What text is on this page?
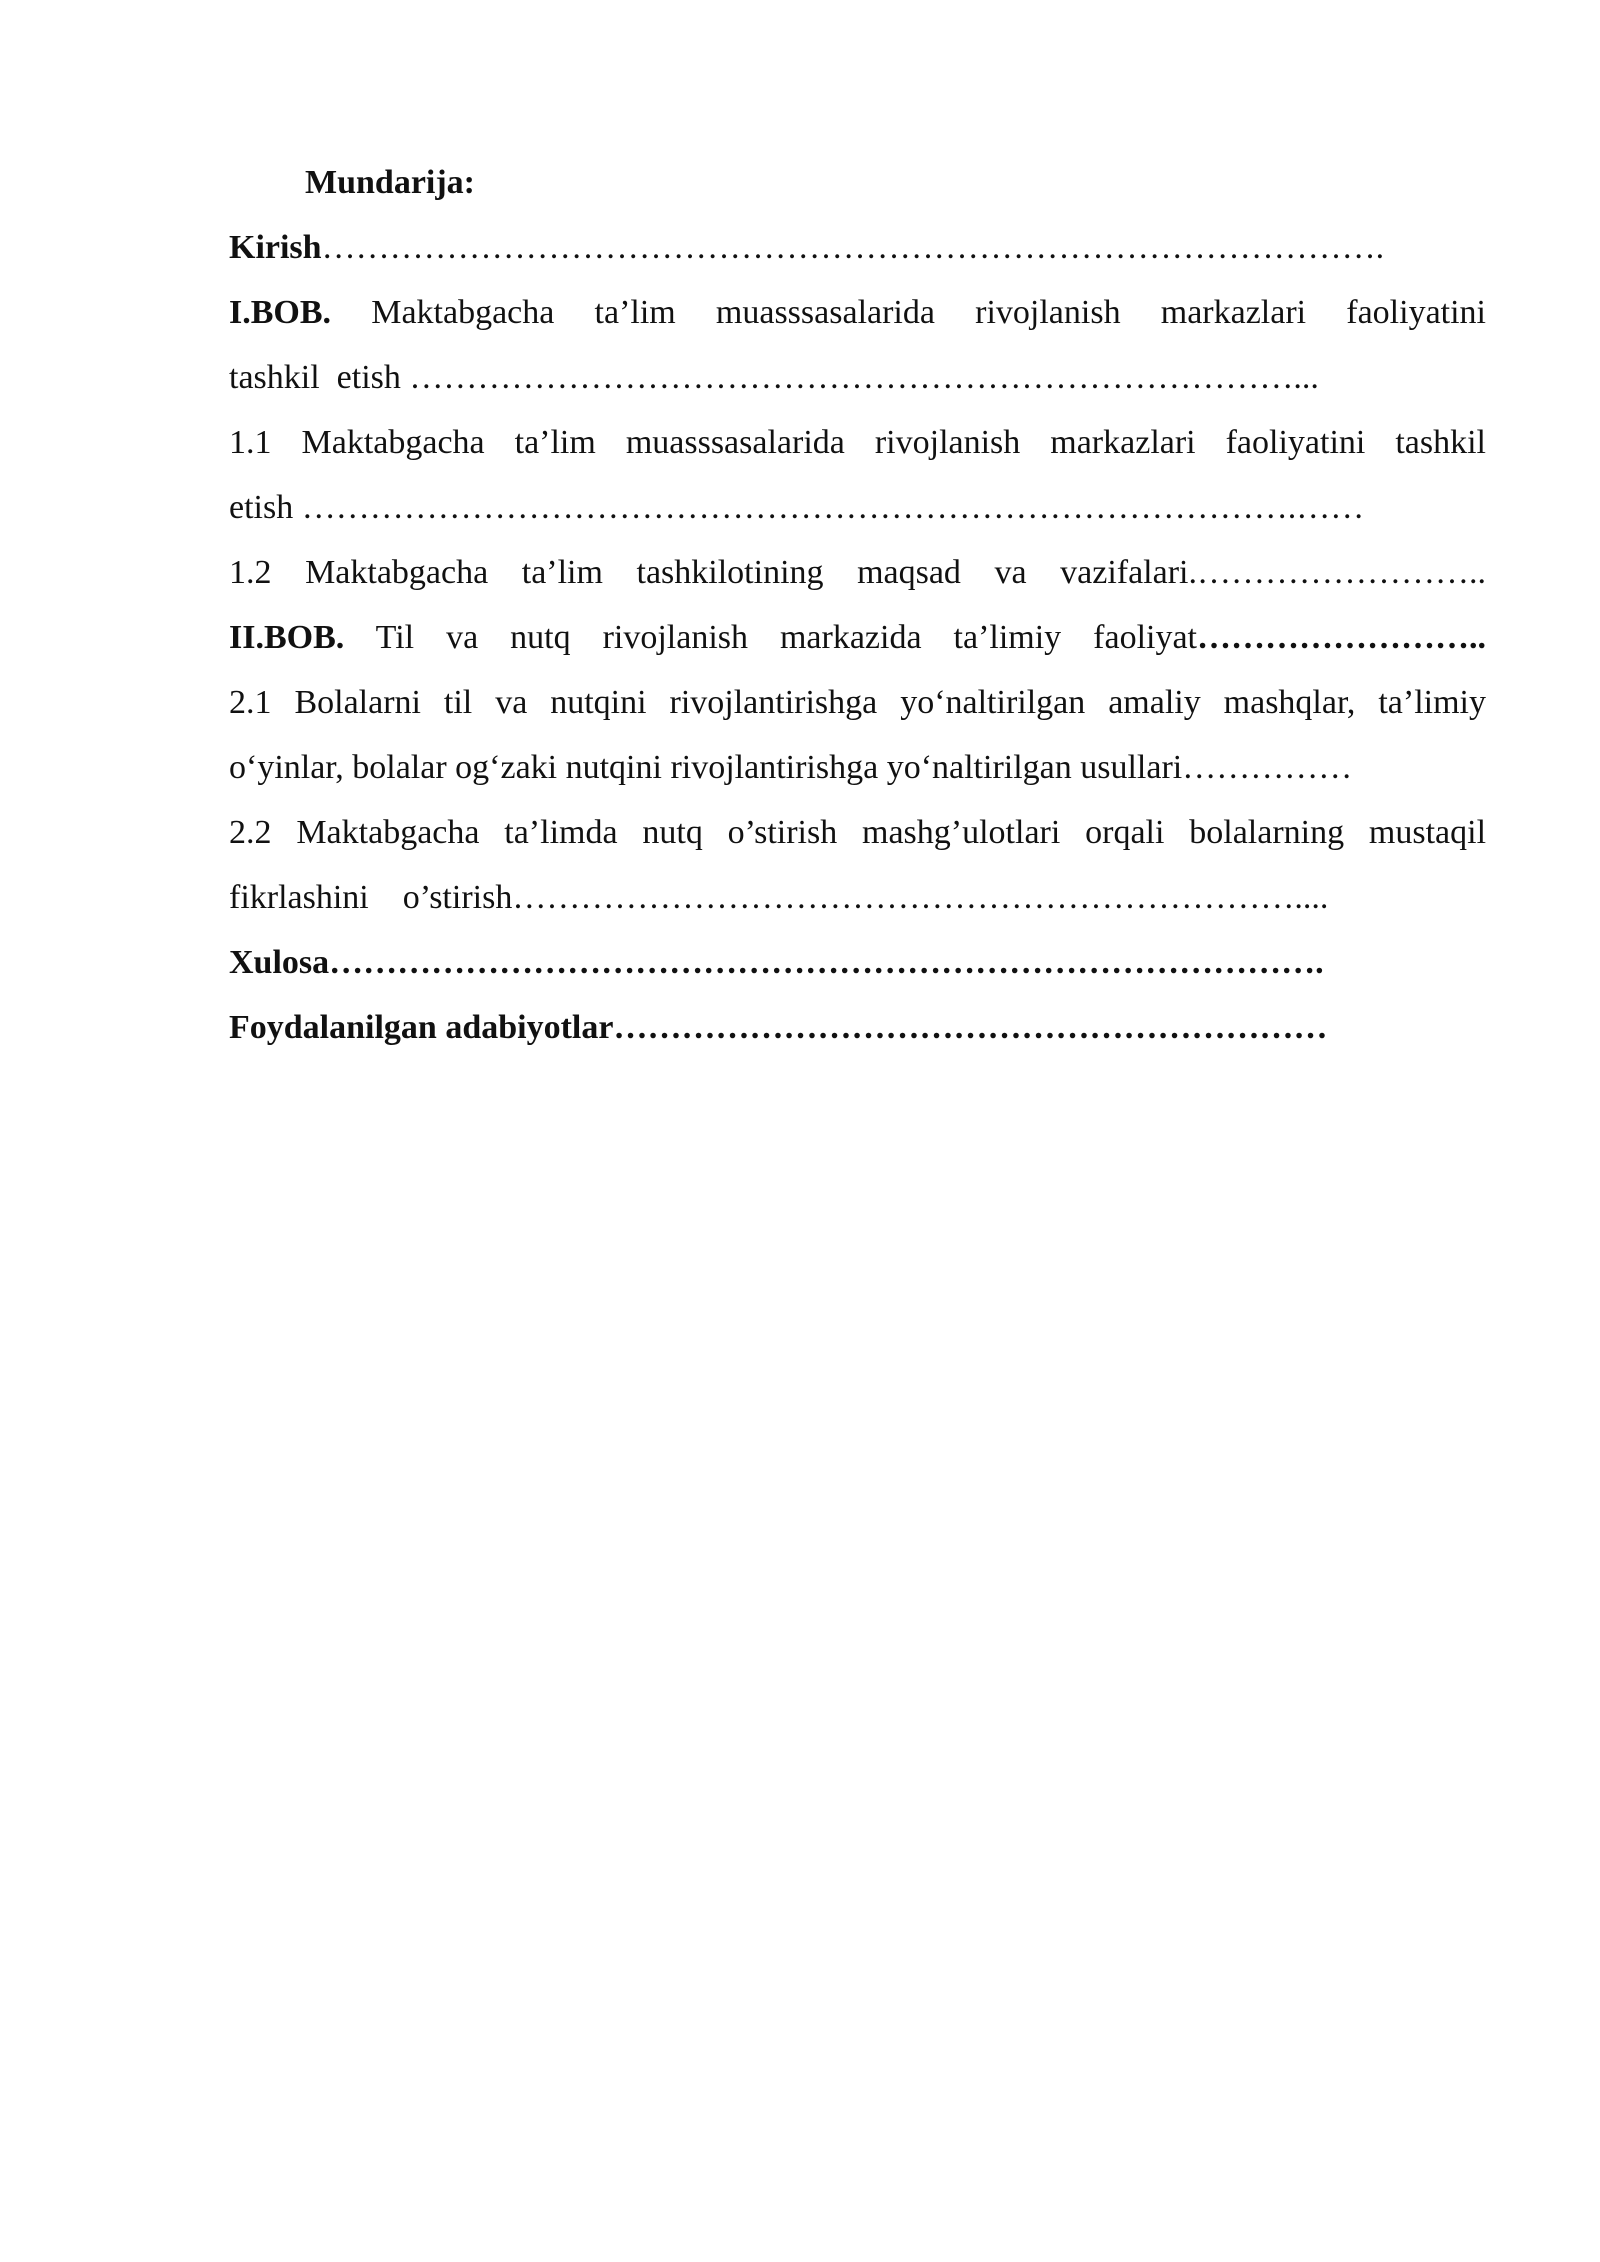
Mundarija:

Kirish………………………………………………………………………………….

I.BOB. Maktabgacha ta’lim muasssasalarida rivojlanish markazlari faoliyatini

tashkil  etish ……………………………………………………………………...

1.1 Maktabgacha ta’lim muasssasalarida rivojlanish markazlari faoliyatini tashkil

etish …………………………………………………………………………….……

1.2 Maktabgacha ta’lim tashkilotining maqsad va vazifalari.……………………..

II.BOB. Til va nutq rivojlanish markazida ta’limiy faoliyat……………………..

2.1 Bolalarni til va nutqini rivojlantirishga yo‘naltirilgan amaliy mashqlar, ta’limiy

o‘yinlar, bolalar og‘zaki nutqini rivojlantirishga yo‘naltirilgan usullari……………

2.2 Maktabgacha ta’limda nutq o’stirish mashg’ulotlari orqali bolalarning mustaqil

fikrlashini    o’stirish……………………………………………………………....

Xulosa…………………………………………………………………………….

Foydalanilgan adabiyotlar………………………………………………………
